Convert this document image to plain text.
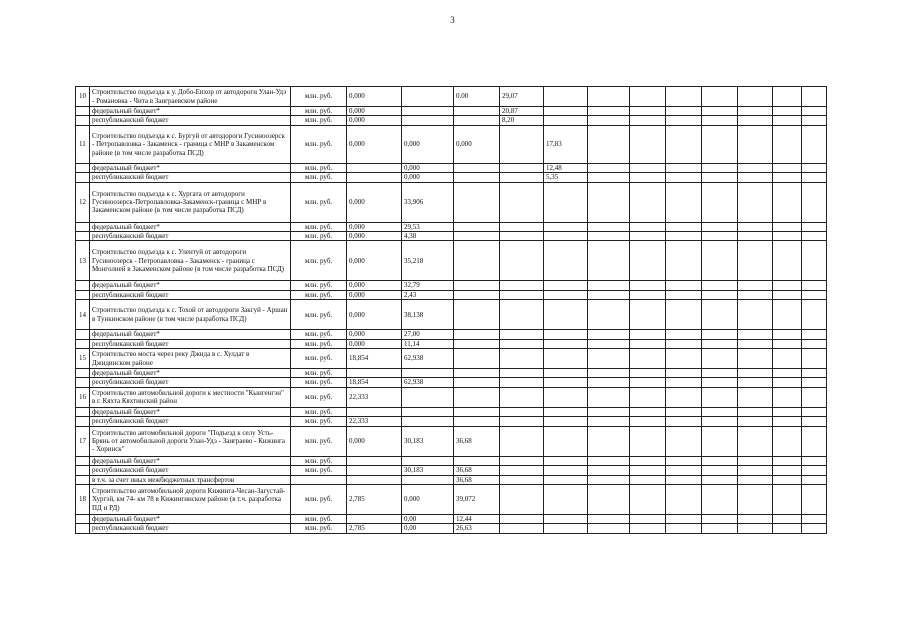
3
10	Строительство подъезда к у. Добо-Енхор от автодороги Улан-Удэ - Романовка - Чита в Заиграевском районе	млн. руб.	0,000		0.00	29,07								
	федеральный бюджет*	млн. руб.	0,000			20,87								
	республиканский бюджет	млн. руб.	0,000			8,20								
11	Строительство подъезда к с. Бургуй от автодороги Гусиноозерск - Петропавловка - Закаменск - граница с МНР в Закаменском районе (в том числе разработка ПСД)	млн. руб.	0,000	0,000	0,000		17,83							
	федеральный бюджет*	млн. руб.		0,000			12,48							
	республиканский бюджет	млн. руб.		0,000			5,35							
12	Строительство подъезда к с. Хургата от автодороги Гусиноозерск-Петропавловка-Закаменск-граница с МНР в Закаменском районе (в том числе разработка ПСД)	млн. руб.	0,000	33,906										
	федеральный бюджет*	млн. руб.	0,000	29,53										
	республиканский бюджет	млн. руб.	0,000	4,38										
13	Строительство подъезда к с. Улентуй от автодороги Гусиноозерск - Петропавловка - Закаменск - граница с Монголией в Закаменском районе (в том числе разработка ПСД)	млн. руб.	0,000	35,218										
	федеральный бюджет*	млн. руб.	0,000	32,79										
	республиканский бюджет	млн. руб.	0,000	2,43										
14	Строительство подъезда к с. Тохой от автодороги Закгуй - Аршан в Тункинском районе (в том числе разработка ПСД)	млн. руб.	0,000	38,138										
	федеральный бюджет*	млн. руб.	0,000	27,00										
	республиканский бюджет	млн. руб.	0,000	11,14										
15	Строительство моста через реку Джида в с. Хулдат в Джидинском районе	млн. руб.	18,854	62,938										
	федеральный бюджет*	млн. руб.												
	республиканский бюджет	млн. руб.	18,854	62,938										
16	Строительство автомобильной дороги к местности "Кынгенгэн" в г. Кяхта Кяхтинский район	млн. руб.	22,333											
	федеральный бюджет*	млн. руб.												
	республиканский бюджет	млн. руб.	22,333											
17	Строительство автомобильной дороги "Подъезд к селу Усть-Брянь от автомобильной дороги Улан-Удэ - Заиграево - Кижинга - Хоринск"	млн. руб.	0,000	30,183	36,68									
	федеральный бюджет*	млн. руб.												
	республиканский бюджет	млн. руб.		30,183	36,68									
	в т.ч. за счет иных межбюджетных трансфертов				36,68									
18	Строительство автомобильной дороги Кижинга-Чесан-Загустай-Хургэй, км 74- км 78 в Кижингинском районе (в т.ч. разработка ПД и РД)	млн. руб.	2,785	0,000	39,072									
	федеральный бюджет*	млн. руб.		0,00	12,44									
	республиканский бюджет	млн. руб.	2,785	0,00	26,63									
